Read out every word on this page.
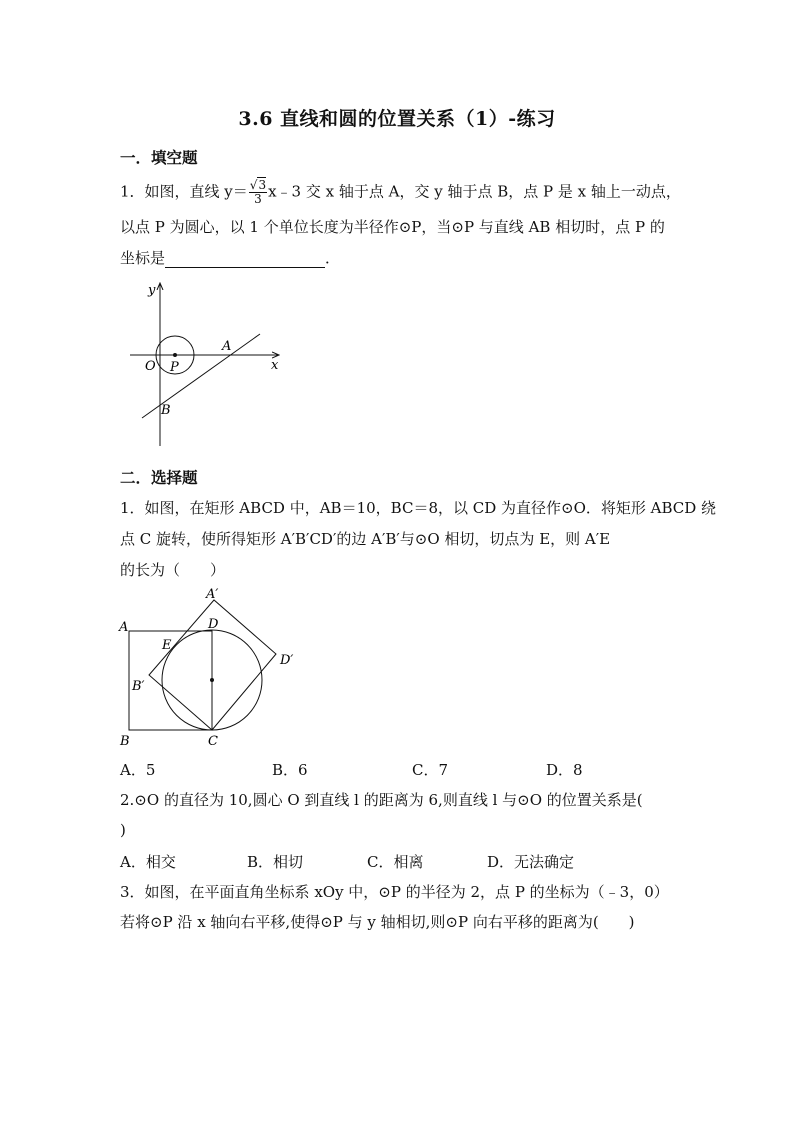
3.6 直线和圆的位置关系（1）-练习
一．填空题
1．如图，直线 $y= \frac{√3}{3}$ x﹣3 交 x 轴于点 A，交 y 轴于点 B，点 P 是 x 轴上一动点，
以点 P 为圆心，以 1 个单位长度为半径作⊙P，当⊙P 与直线 AB 相切时，点 P 的
坐标是	．
y
x
O P
A
B
二．选择题
1．如图，在矩形 ABCD 中，AB＝10，BC＝8，以 CD 为直径作⊙O．将矩形 ABCD 绕
点 C 旋转，使所得矩形 A′B′CD′的边 A′B′与⊙O 相切，切点为 E，则 A′E
的长为（　　）
A
B	C
D
E
A′
B′
D′
A．5	B．6	C．7	D．8
2.⊙O 的直径为 10,圆心 O 到直线 l 的距离为 6,则直线 l 与⊙O 的位置关系是(
)
A．相交	B．相切	C．相离	D．无法确定
3．如图，在平面直角坐标系 xOy 中，⊙P 的半径为 2，点 P 的坐标为（﹣3，0）
若将⊙P 沿 x 轴向右平移,使得⊙P 与 y 轴相切,则⊙P 向右平移的距离为(　　)
